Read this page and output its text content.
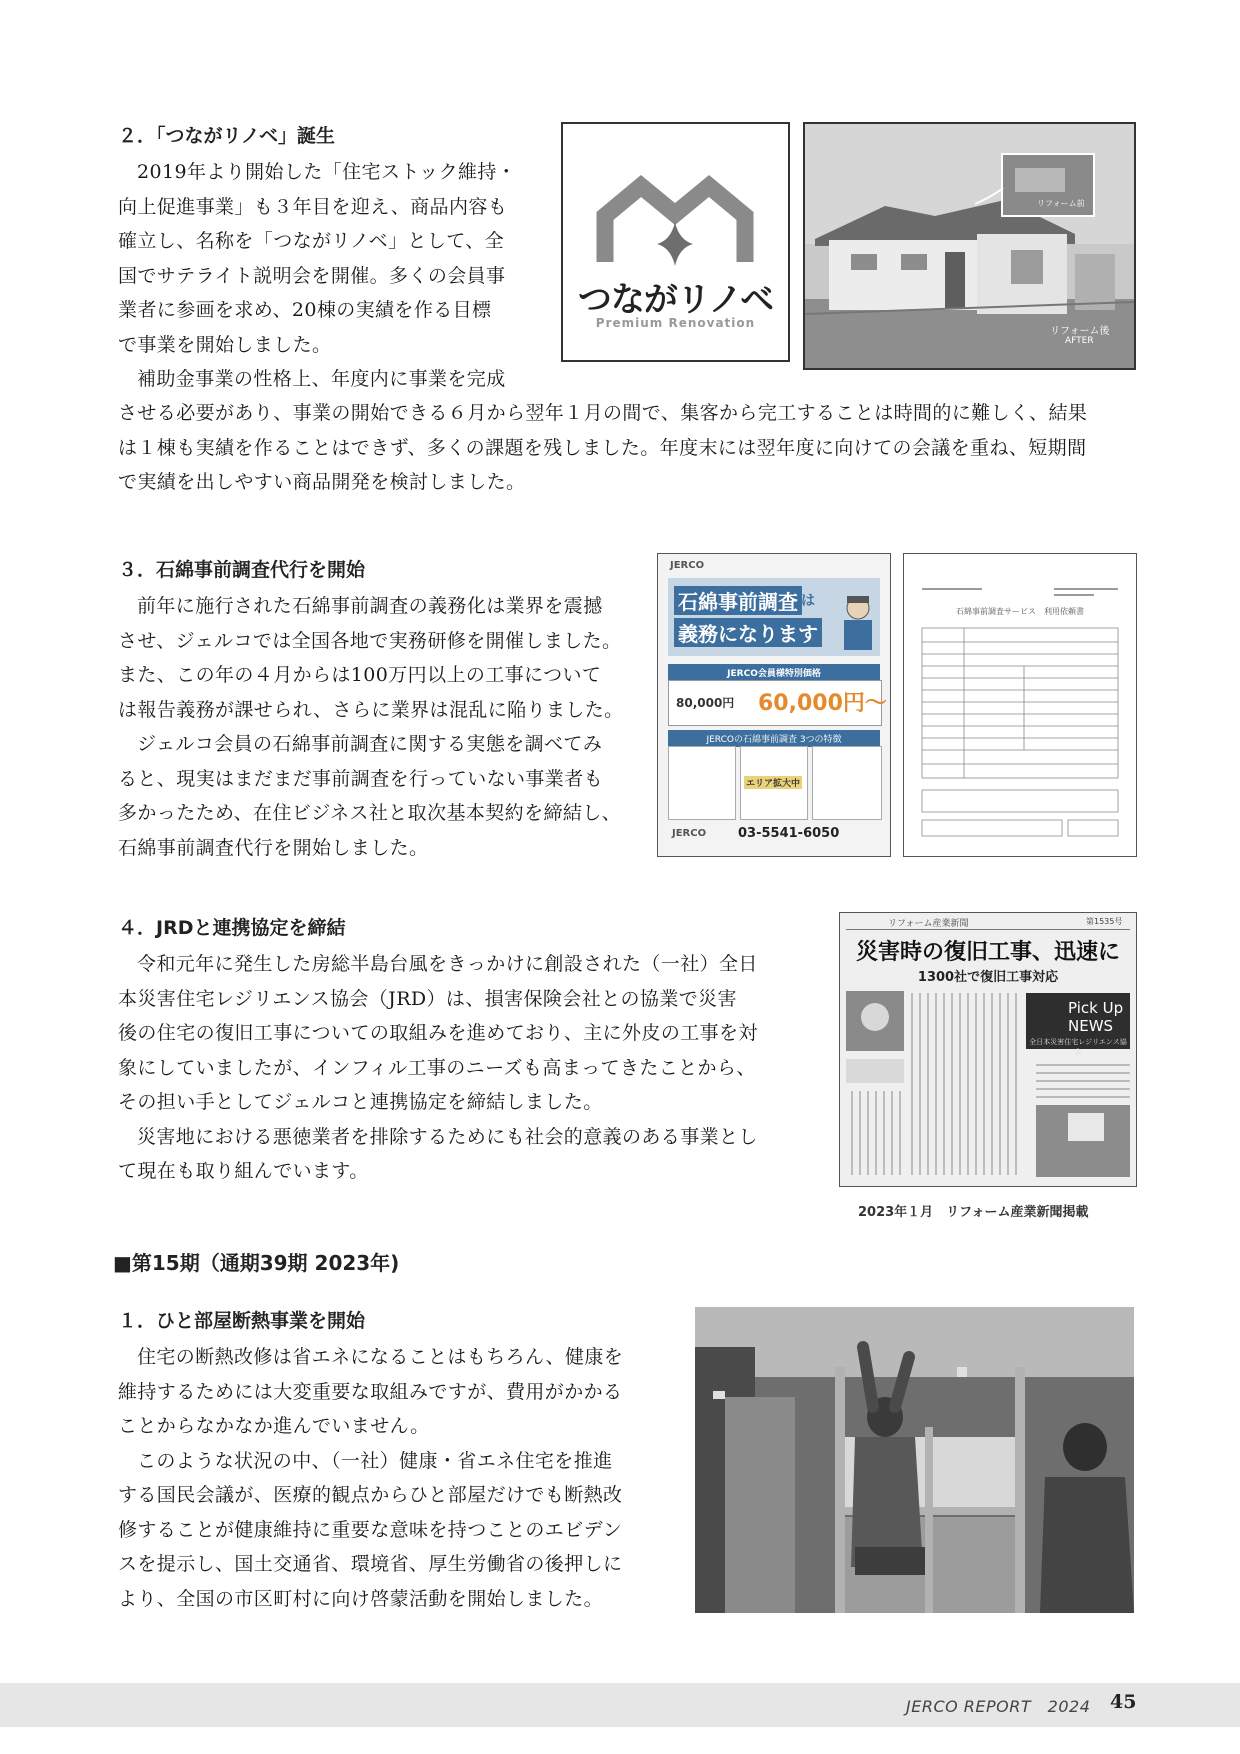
２．「つながリノベ」誕生

2019年より開始した「住宅ストック維持・

向上促進事業」も３年目を迎え、商品内容も

確立し、名称を「つながリノベ」として、全

国でサテライト説明会を開催。多くの会員事

業者に参画を求め、20棟の実績を作る目標

で事業を開始しました。

補助金事業の性格上、年度内に事業を完成

させる必要があり、事業の開始できる６月から翌年１月の間で、集客から完工することは時間的に難しく、結果

は１棟も実績を作ることはできず、多くの課題を残しました。年度末には翌年度に向けての会議を重ね、短期間

で実績を出しやすい商品開発を検討しました。

つながリノベ
Premium Renovation
リフォーム前
リフォーム後
AFTER
３．石綿事前調査代行を開始

前年に施行された石綿事前調査の義務化は業界を震撼

させ、ジェルコでは全国各地で実務研修を開催しました。

また、この年の４月からは100万円以上の工事について

は報告義務が課せられ、さらに業界は混乱に陥りました。

ジェルコ会員の石綿事前調査に関する実態を調べてみ

ると、現実はまだまだ事前調査を行っていない事業者も

多かったため、在住ビジネス社と取次基本契約を締結し、

石綿事前調査代行を開始しました。

JERCO
石綿事前調査 は
義務になります
JERCO会員様特別価格
80,000円 60,000円〜
JERCOの石綿事前調査 3つの特徴
エリア拡大中
03-5541-6050
JERCO
石綿事前調査サービス　利用依頼書
４．JRDと連携協定を締結

令和元年に発生した房総半島台風をきっかけに創設された（一社）全日

本災害住宅レジリエンス協会（JRD）は、損害保険会社との協業で災害

後の住宅の復旧工事についての取組みを進めており、主に外皮の工事を対

象にしていましたが、インフィル工事のニーズも高まってきたことから、

その担い手としてジェルコと連携協定を締結しました。

災害地における悪徳業者を排除するためにも社会的意義のある事業とし

て現在も取り組んでいます。

リフォーム産業新聞	第1535号
災害時の復旧工事、迅速に
1300社で復旧工事対応
Pick Up
NEWS
全日本災害住宅レジリエンス協会
2023年１月　リフォーム産業新聞掲載
■第15期（通期39期 2023年)
１．ひと部屋断熱事業を開始

住宅の断熱改修は省エネになることはもちろん、健康を

維持するためには大変重要な取組みですが、費用がかかる

ことからなかなか進んでいません。

このような状況の中、（一社）健康・省エネ住宅を推進

する国民会議が、医療的観点からひと部屋だけでも断熱改

修することが健康維持に重要な意味を持つことのエビデン

スを提示し、国土交通省、環境省、厚生労働省の後押しに

より、全国の市区町村に向け啓蒙活動を開始しました。

JERCO REPORT　2024 45
